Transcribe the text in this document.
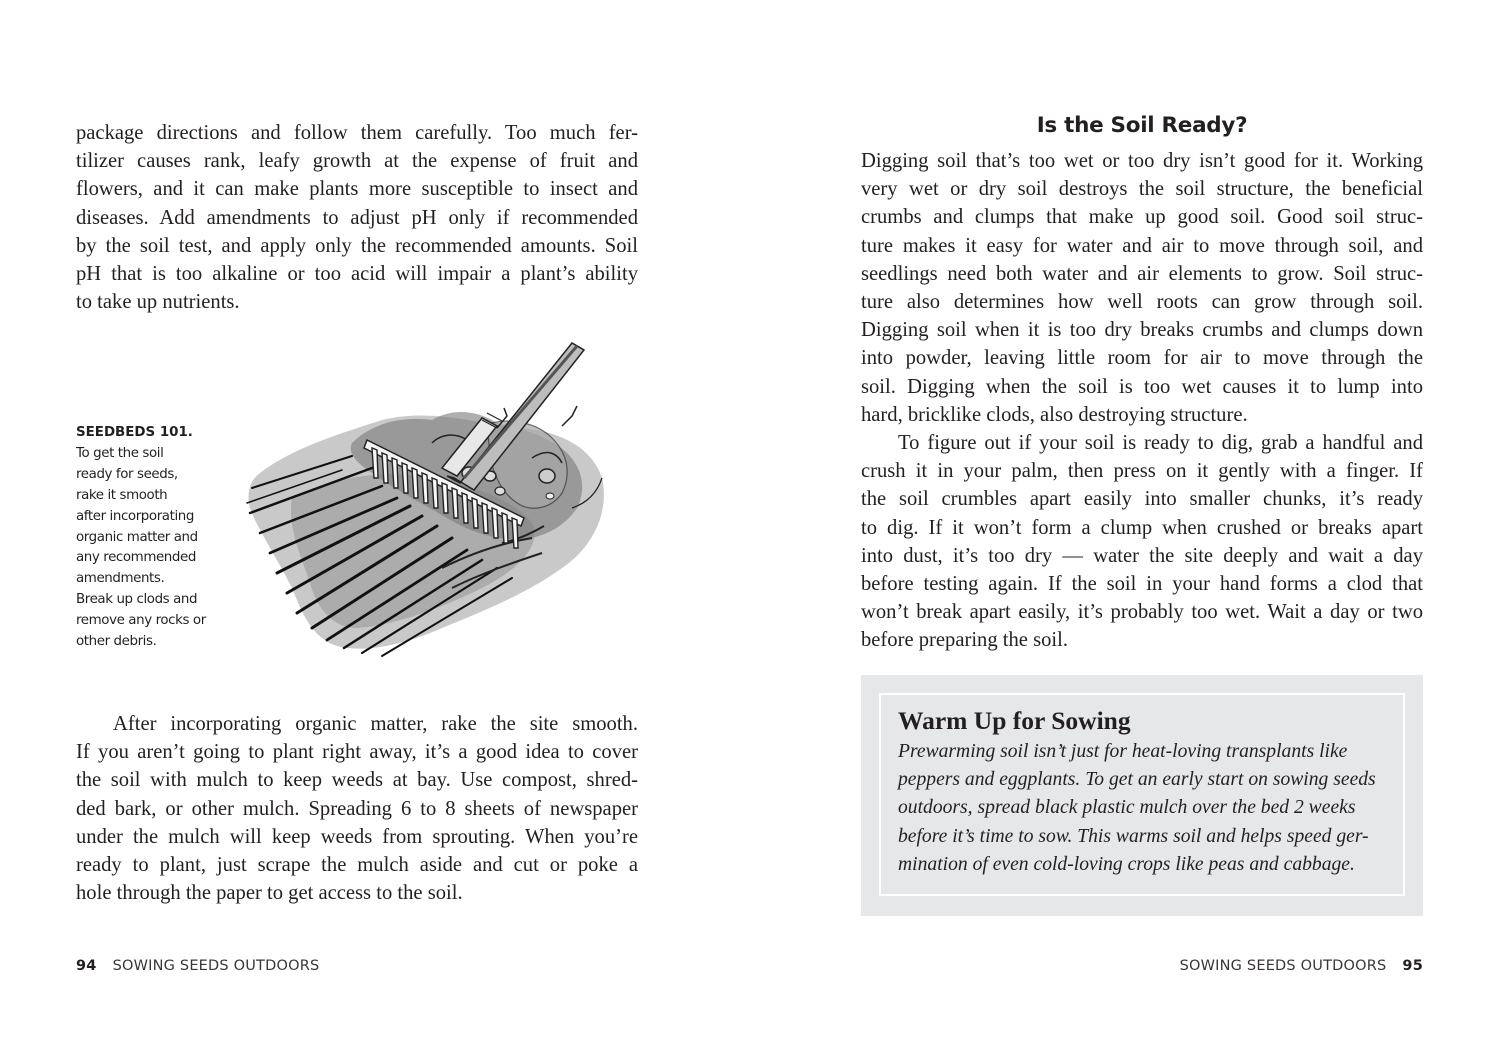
package directions and follow them carefully. Too much fer-
tilizer causes rank, leafy growth at the expense of fruit and
flowers, and it can make plants more susceptible to insect and
diseases. Add amendments to adjust pH only if recommended
by the soil test, and apply only the recommended amounts. Soil
pH that is too alkaline or too acid will impair a plant’s ability
to take up nutrients.
SEEDBEDS 101.
To get the soil
ready for seeds,
rake it smooth
after incorporating
organic matter and
any recommended
amendments.
Break up clods and
remove any rocks or
other debris.
After incorporating organic matter, rake the site smooth.
If you aren’t going to plant right away, it’s a good idea to cover
the soil with mulch to keep weeds at bay. Use compost, shred-
ded bark, or other mulch. Spreading 6 to 8 sheets of newspaper
under the mulch will keep weeds from sprouting. When you’re
ready to plant, just scrape the mulch aside and cut or poke a
hole through the paper to get access to the soil.
94 SOWING SEEDS OUTDOORS
Is the Soil Ready?
Digging soil that’s too wet or too dry isn’t good for it. Working
very wet or dry soil destroys the soil structure, the beneficial
crumbs and clumps that make up good soil. Good soil struc-
ture makes it easy for water and air to move through soil, and
seedlings need both water and air elements to grow. Soil struc-
ture also determines how well roots can grow through soil.
Digging soil when it is too dry breaks crumbs and clumps down
into powder, leaving little room for air to move through the
soil. Digging when the soil is too wet causes it to lump into
hard, bricklike clods, also destroying structure.
To figure out if your soil is ready to dig, grab a handful and
crush it in your palm, then press on it gently with a finger. If
the soil crumbles apart easily into smaller chunks, it’s ready
to dig. If it won’t form a clump when crushed or breaks apart
into dust, it’s too dry — water the site deeply and wait a day
before testing again. If the soil in your hand forms a clod that
won’t break apart easily, it’s probably too wet. Wait a day or two
before preparing the soil.
Warm Up for Sowing

Prewarming soil isn’t just for heat-loving transplants like
peppers and eggplants. To get an early start on sowing seeds
outdoors, spread black plastic mulch over the bed 2 weeks
before it’s time to sow. This warms soil and helps speed ger-
mination of even cold-loving crops like peas and cabbage.

SOWING SEEDS OUTDOORS 95
